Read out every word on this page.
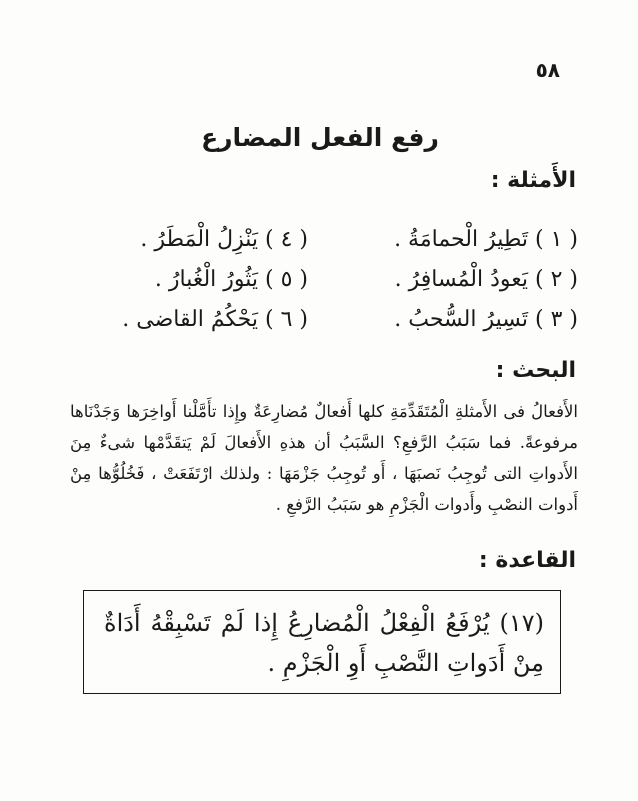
٥٨
رفع الفعل المضارع
الأَمثلة :
( ١ ) تَطِيرُ الْحمامَةُ .
( ٢ ) يَعودُ الْمُسافِرُ .
( ٣ ) تَسِيرُ السُّحبُ .
( ٤ ) يَنْزِلُ الْمَطَرُ .
( ٥ ) يَثُورُ الْغُبارُ .
( ٦ ) يَحْكُمُ القاضى .
البحث :
الأَفعالُ فى الأَمثلةِ الْمُتَقَدِّمَةِ كلها أَفعالٌ مُضارِعَةٌ وإِذا تأَمَّلْنا أَواخِرَها وَجَدْنَاها مرفوعةً. فما سَبَبُ الرَّفعِ؟ السَّبَبُ أن هذهِ الأَفعالَ لَمْ يَتقَدَّمْها شىءٌ مِنَ الأَدواتِ التى تُوجِبُ نَصبَهَا ، أَو تُوجِبُ جَزْمَهَا : ولذلك ارْتَفَعَتْ ، فَخُلُوُّها مِنْ أَدوات النصْبِ وأَدوات الْجَزْمِ هو سَبَبُ الرَّفعِ .
القاعدة :
(١٧) يُرْفَعُ الْفِعْلُ الْمُضارِعُ إِذا لَمْ تَسْبِقْهُ أَدَاةٌ مِنْ أَدَواتِ النَّصْبِ أَوِ الْجَزْمِ .
